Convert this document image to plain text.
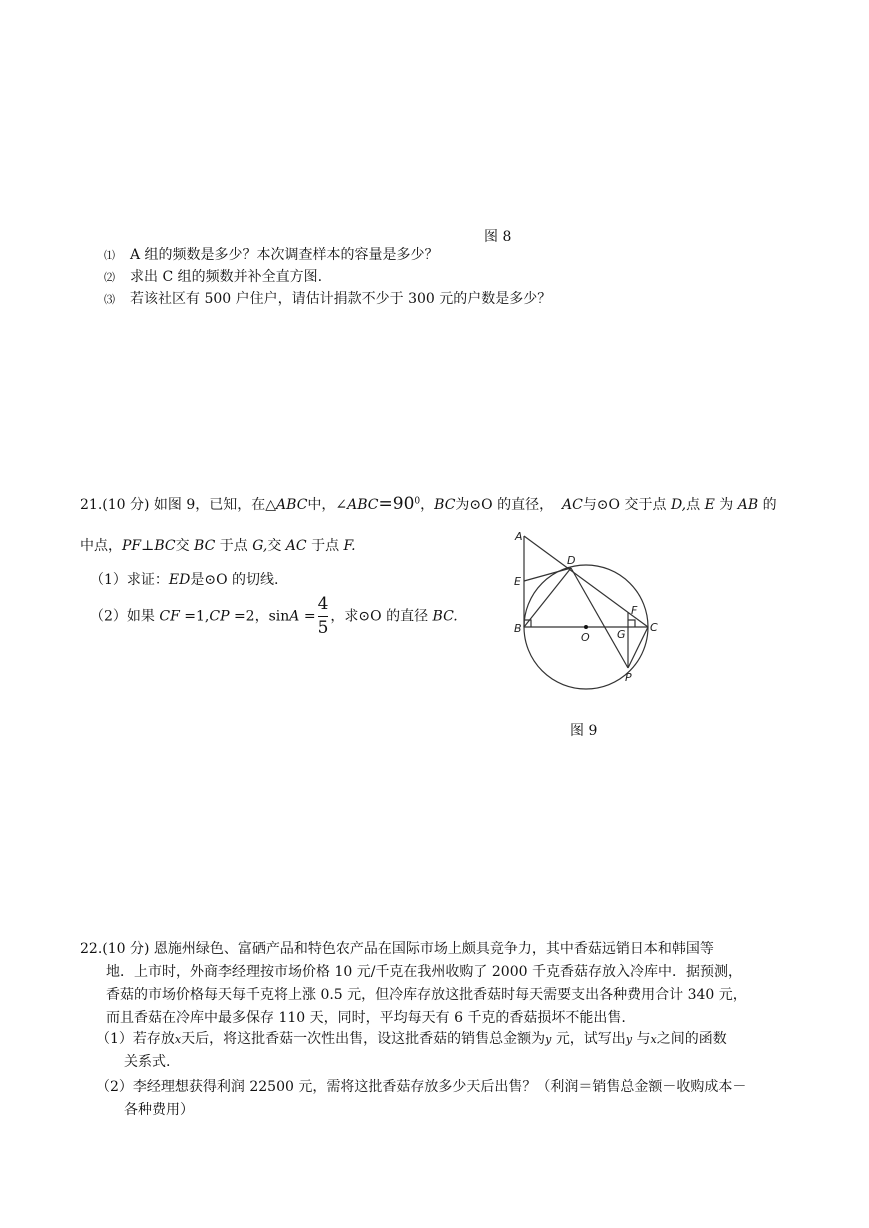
图 8
⑴ A 组的频数是多少？本次调查样本的容量是多少？
⑵ 求出 C 组的频数并补全直方图.
⑶ 若该社区有 500 户住户，请估计捐款不少于 300 元的户数是多少？
21.(10 分) 如图 9，已知，在△ABC中，$\angle ABC=90^0$，BC为⊙O 的直径， AC与⊙O 交于点 D,点 E 为 AB 的
中点，PF⊥BC交 BC 于点 G,交 AC 于点 F.
（1）求证：ED是⊙O 的切线.
（2）如果 CF =1,CP =2，$\sin A = \frac{4}{5}$ ，求⊙O 的直径 BC.
A
D
E
F
B
O G
C
P
图 9
22.(10 分) 恩施州绿色、富硒产品和特色农产品在国际市场上颇具竞争力，其中香菇远销日本和韩国等
地．上市时，外商李经理按市场价格 10 元/千克在我州收购了 2000 千克香菇存放入冷库中．据预测，
香菇的市场价格每天每千克将上涨 0.5 元，但冷库存放这批香菇时每天需要支出各种费用合计 340 元，
而且香菇在冷库中最多保存 110 天，同时，平均每天有 6 千克的香菇损坏不能出售.
（1）若存放x天后，将这批香菇一次性出售，设这批香菇的销售总金额为y 元，试写出y 与x之间的函数
关系式.
（2）李经理想获得利润 22500 元，需将这批香菇存放多少天后出售？（利润＝销售总金额－收购成本－
各种费用）
